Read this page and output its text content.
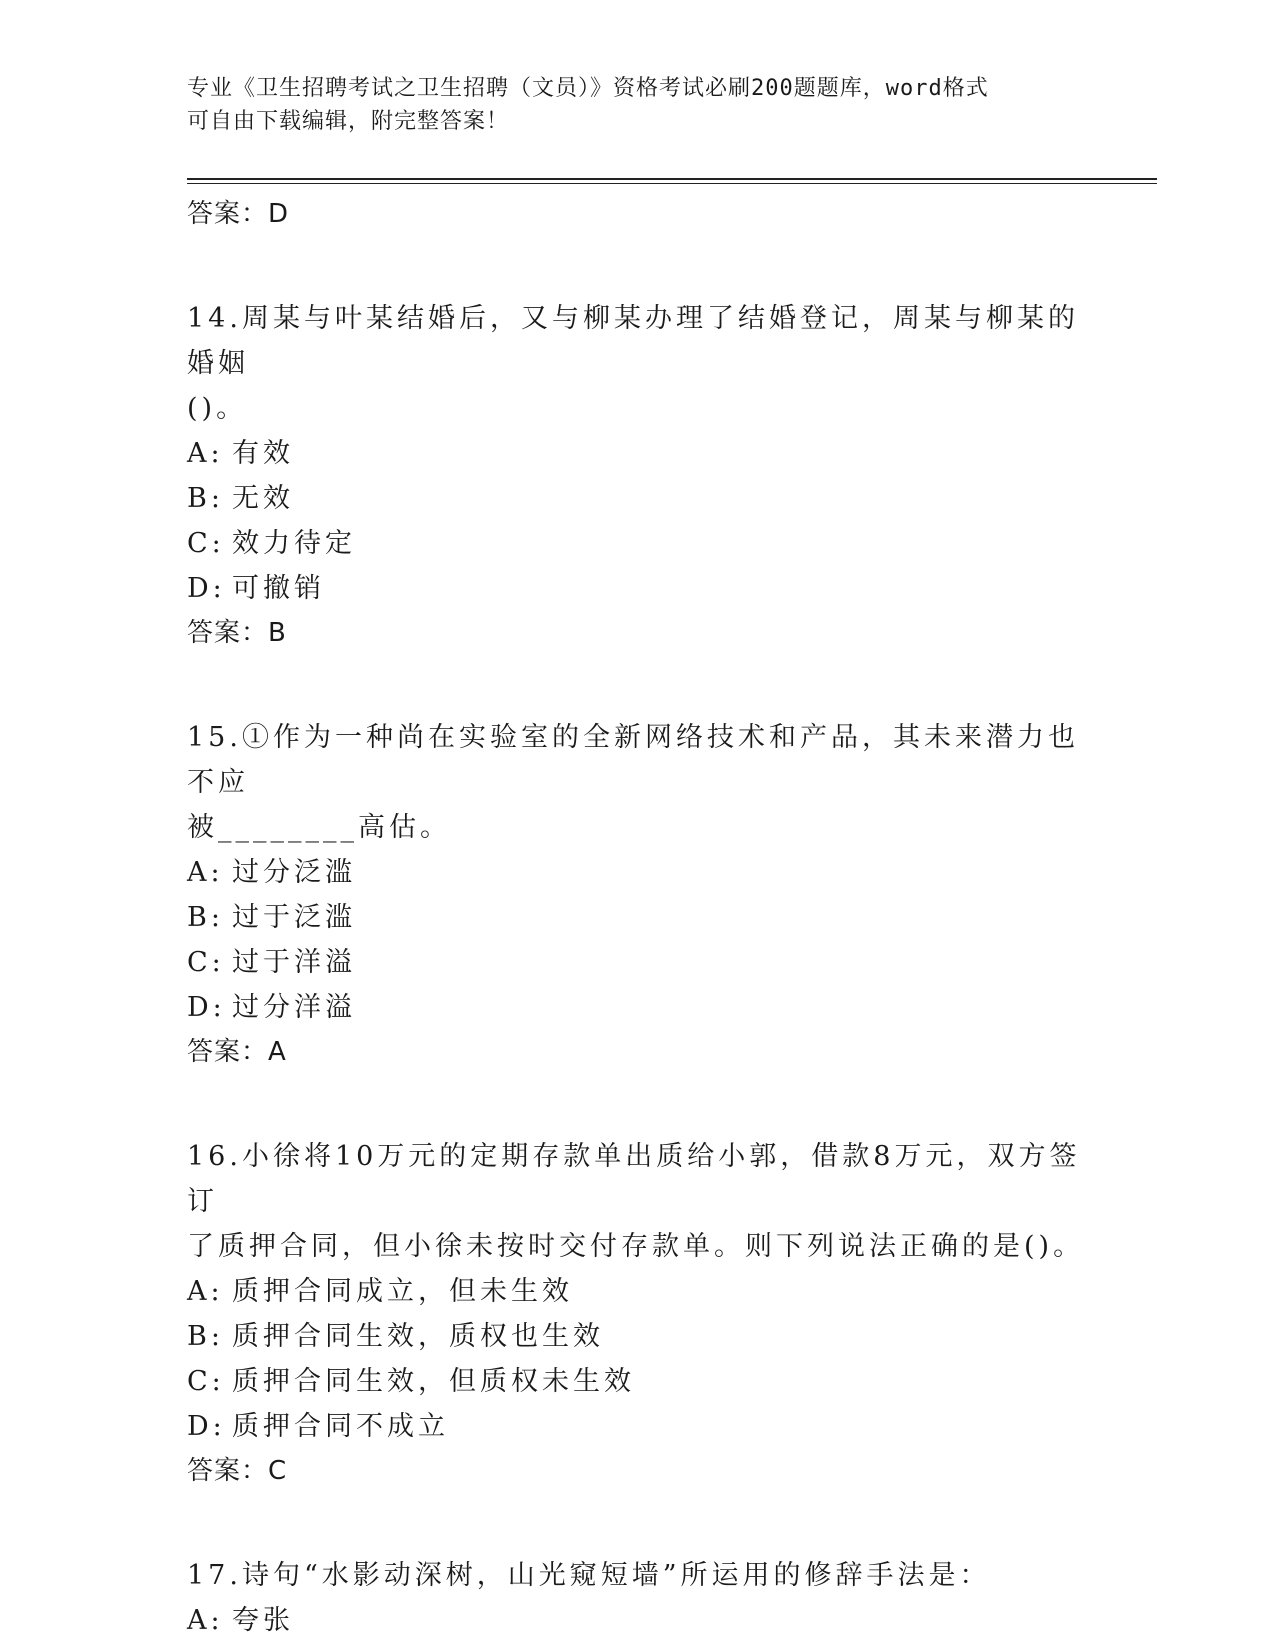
专业《卫生招聘考试之卫生招聘（文员）》资格考试必刷200题题库，word格式
可自由下载编辑，附完整答案！
答案：D
14.周某与叶某结婚后，又与柳某办理了结婚登记，周某与柳某的婚姻
()。
A: 有效
B: 无效
C: 效力待定
D: 可撤销
答案：B
15.①作为一种尚在实验室的全新网络技术和产品，其未来潜力也不应
被________高估。
A: 过分泛滥
B: 过于泛滥
C: 过于洋溢
D: 过分洋溢
答案：A
16.小徐将10万元的定期存款单出质给小郭，借款8万元，双方签订
了质押合同，但小徐未按时交付存款单。则下列说法正确的是()。
A: 质押合同成立，但未生效
B: 质押合同生效，质权也生效
C: 质押合同生效，但质权未生效
D: 质押合同不成立
答案：C
17.诗句“水影动深树，山光窥短墙”所运用的修辞手法是：
A: 夸张
